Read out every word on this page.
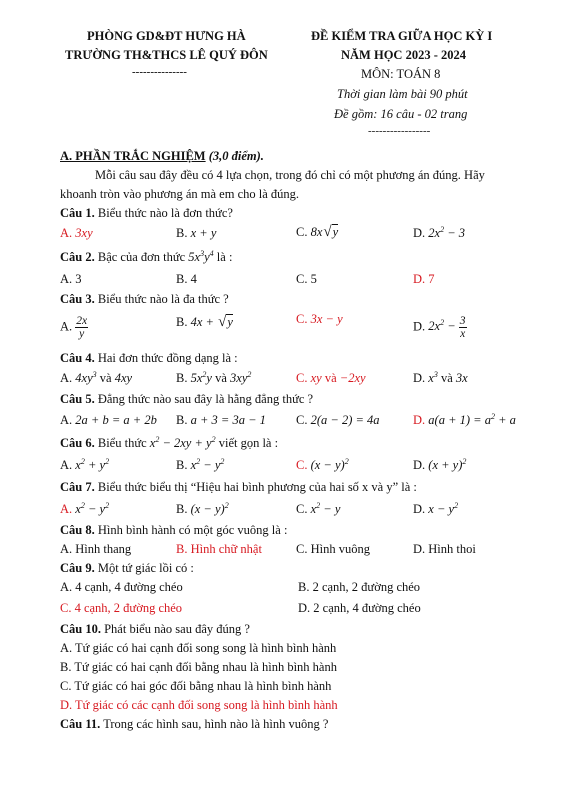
PHÒNG GD&ĐT HƯNG HÀ
TRƯỜNG TH&THCS LÊ QUÝ ĐÔN
---------------
ĐỀ KIỂM TRA GIỮA HỌC KỲ I
NĂM HỌC 2023 - 2024
MÔN: TOÁN 8
Thời gian làm bài 90 phút
Đề gồm: 16 câu - 02 trang
-----------------
A. PHẦN TRẮC NGHIỆM (3,0 điểm).
Mỗi câu sau đây đều có 4 lựa chọn, trong đó chỉ có một phương án đúng. Hãy
khoanh tròn vào phương án mà em cho là đúng.
Câu 1. Biểu thức nào là đơn thức?
A. 3xy	B. x + y	C. 8x√y	D. $2x^2 - 3$
Câu 2. Bậc của đơn thức $5x^3y^4$ là :
A. 3	B. 4	C. 5	D. 7
Câu 3. Biểu thức nào là đa thức ?
A. $\frac{2x}{y}$	B. 4x + √y	C. 3x − y
D. $2x^2 - \frac{3}{x}$
Câu 4. Hai đơn thức đồng dạng là :
A. $4xy^3$ và 4xy	B. $5x^2y$ và $3xy^2$	C. xy và −2xy	D. $x^3$ và 3x
Câu 5. Đẳng thức nào sau đây là hằng đẳng thức ?
A. 2a + b = a + 2b B. a + 3 = 3a − 1 C. 2(a − 2) = 4a	D. $a(a + 1) = a^2 + a$
Câu 6. Biểu thức $x^2 - 2xy + y^2$ viết gọn là :
A. $x^2 + y^2$	B. $x^2 - y^2$	C. $(x - y)^2$	D. $(x + y)^2$
Câu 7. Biểu thức biểu thị “Hiệu hai bình phương của hai số x và y” là :
A. $x^2 - y^2$	B. $(x - y)^2$	C. $x^2 - y$	D. $x - y^2$
Câu 8. Hình bình hành có một góc vuông là :
A. Hình thang	B. Hình chữ nhật	C. Hình vuông	D. Hình thoi
Câu 9. Một tứ giác lồi có :
A. 4 cạnh, 4 đường chéo	B. 2 cạnh, 2 đường chéo
C. 4 cạnh, 2 đường chéo	D. 2 cạnh, 4 đường chéo
Câu 10. Phát biểu nào sau đây đúng ?
A. Tứ giác có hai cạnh đối song song là hình bình hành
B. Tứ giác có hai cạnh đối bằng nhau là hình bình hành
C. Tứ giác có hai góc đối bằng nhau là hình bình hành
D. Tứ giác có các cạnh đối song song là hình bình hành
Câu 11. Trong các hình sau, hình nào là hình vuông ?
